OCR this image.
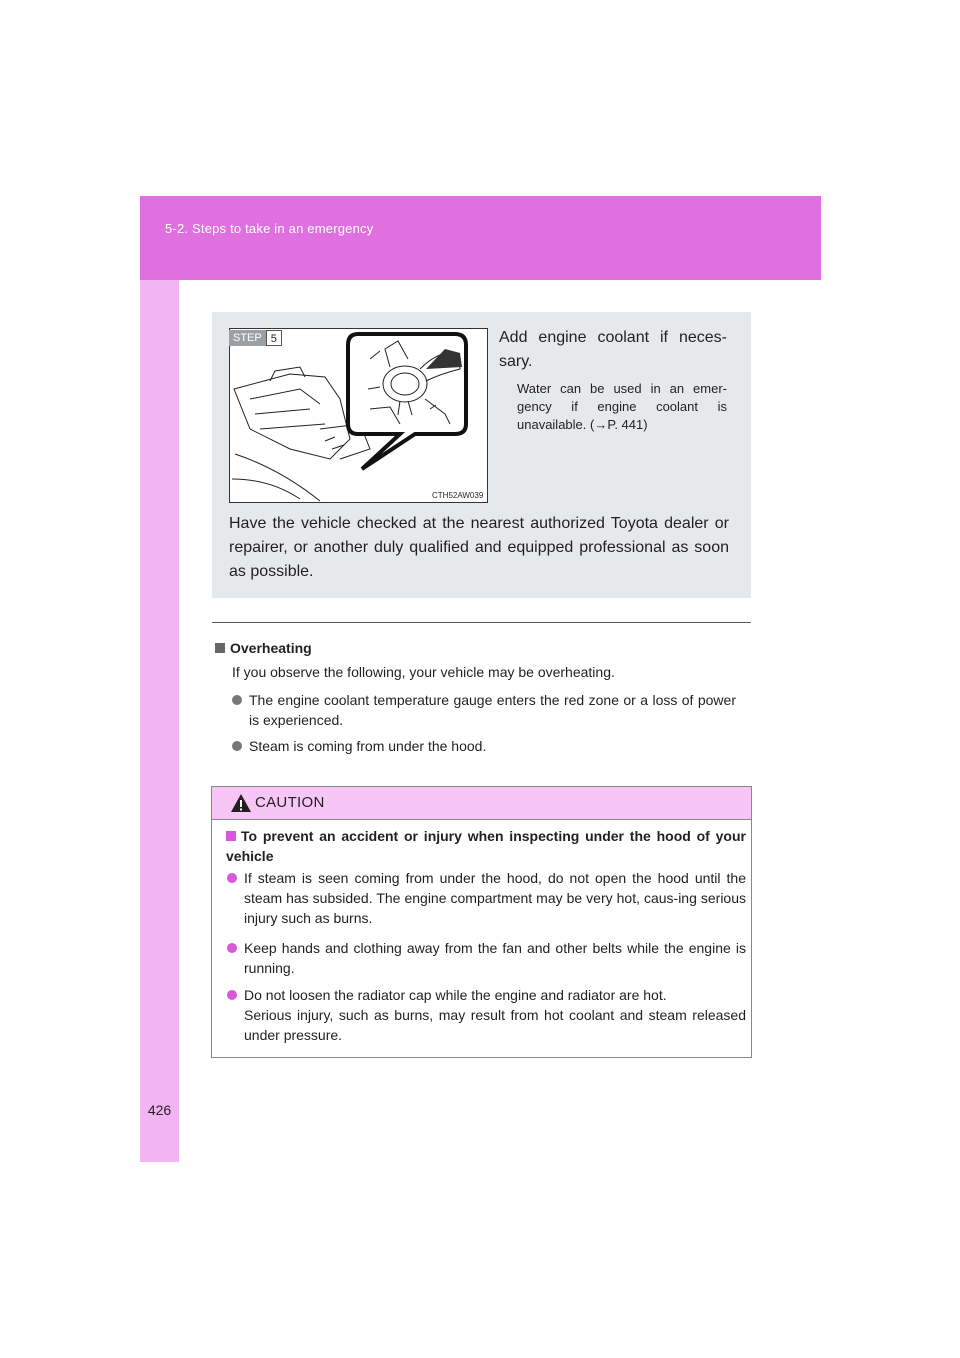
5-2. Steps to take in an emergency
426
STEP 5
CTH52AW039
Add engine coolant if neces-sary.
Water can be used in an emer-gency if engine coolant is unavailable. (→P. 441)
Have the vehicle checked at the nearest authorized Toyota dealer or repairer, or another duly qualified and equipped professional as soon as possible.
Overheating
If you observe the following, your vehicle may be overheating.
The engine coolant temperature gauge enters the red zone or a loss of power is experienced.
Steam is coming from under the hood.
CAUTION
To prevent an accident or injury when inspecting under the hood of your vehicle
If steam is seen coming from under the hood, do not open the hood until the steam has subsided. The engine compartment may be very hot, caus-ing serious injury such as burns.
Keep hands and clothing away from the fan and other belts while the engine is running.
Do not loosen the radiator cap while the engine and radiator are hot.
Serious injury, such as burns, may result from hot coolant and steam released under pressure.
